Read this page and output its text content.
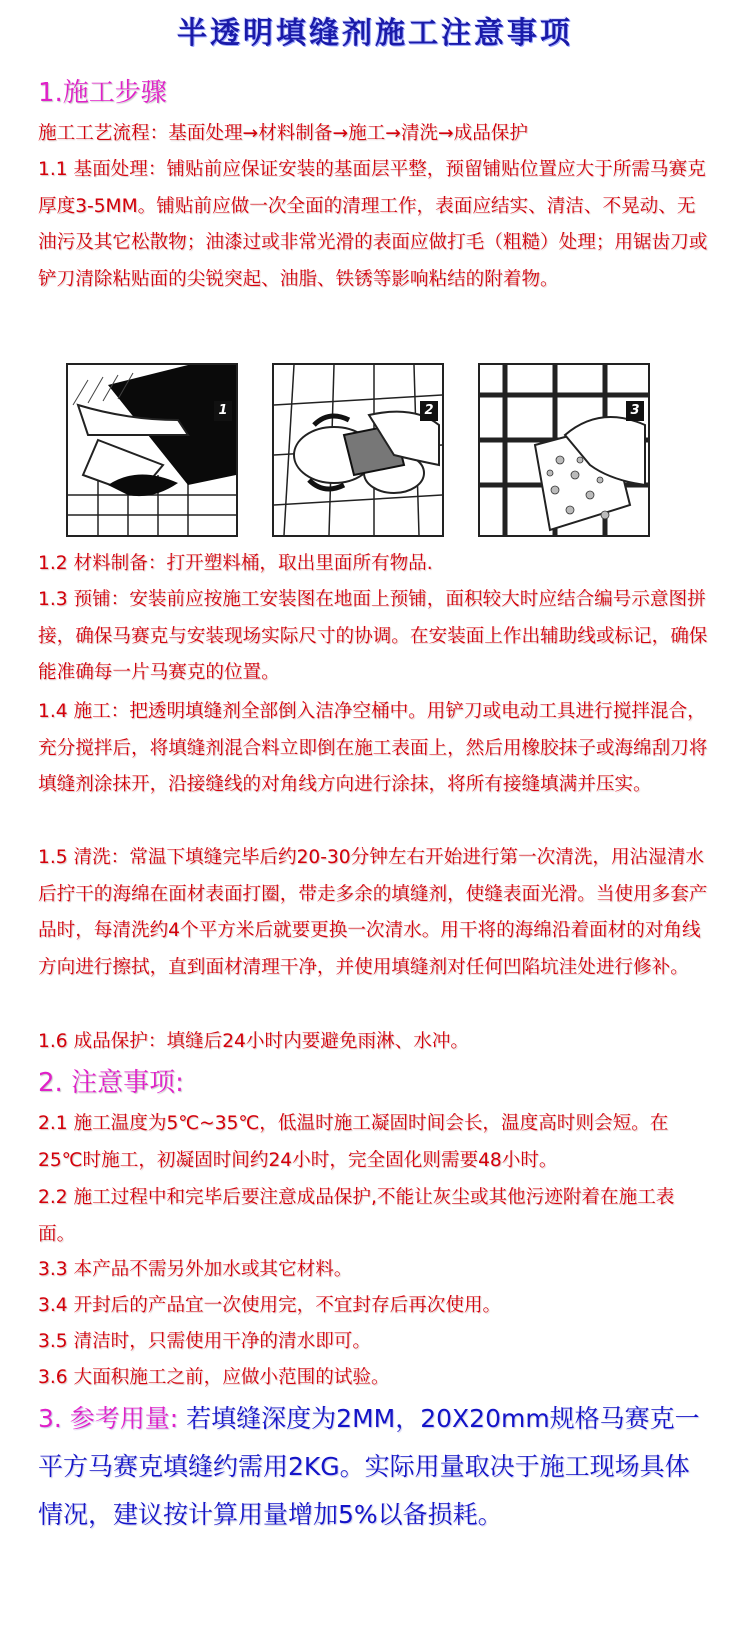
半透明填缝剂施工注意事项
1.施工步骤
施工工艺流程：基面处理→材料制备→施工→清洗→成品保护
1.1 基面处理：铺贴前应保证安装的基面层平整，预留铺贴位置应大于所需马赛克厚度3-5MM。铺贴前应做一次全面的清理工作，表面应结实、清洁、不晃动、无油污及其它松散物；油漆过或非常光滑的表面应做打毛（粗糙）处理；用锯齿刀或铲刀清除粘贴面的尖锐突起、油脂、铁锈等影响粘结的附着物。
1	2	3
1.2 材料制备：打开塑料桶，取出里面所有物品.
1.3 预铺：安装前应按施工安装图在地面上预铺，面积较大时应结合编号示意图拼接，确保马赛克与安装现场实际尺寸的协调。在安装面上作出辅助线或标记，确保能准确每一片马赛克的位置。
1.4 施工：把透明填缝剂全部倒入洁净空桶中。用铲刀或电动工具进行搅拌混合，充分搅拌后，将填缝剂混合料立即倒在施工表面上，然后用橡胶抹子或海绵刮刀将填缝剂涂抹开，沿接缝线的对角线方向进行涂抹，将所有接缝填满并压实。
1.5 清洗：常温下填缝完毕后约20-30分钟左右开始进行第一次清洗，用沾湿清水后拧干的海绵在面材表面打圈，带走多余的填缝剂，使缝表面光滑。当使用多套产品时，每清洗约4个平方米后就要更换一次清水。用干将的海绵沿着面材的对角线方向进行擦拭，直到面材清理干净，并使用填缝剂对任何凹陷坑洼处进行修补。
1.6 成品保护：填缝后24小时内要避免雨淋、水冲。
2. 注意事项:
2.1 施工温度为5℃~35℃，低温时施工凝固时间会长，温度高时则会短。在25℃时施工，初凝固时间约24小时，完全固化则需要48小时。
2.2 施工过程中和完毕后要注意成品保护,不能让灰尘或其他污迹附着在施工表面。
3.3 本产品不需另外加水或其它材料。
3.4 开封后的产品宜一次使用完，不宜封存后再次使用。
3.5 清洁时，只需使用干净的清水即可。
3.6 大面积施工之前，应做小范围的试验。
3. 参考用量: 若填缝深度为2MM，20X20mm规格马赛克一平方马赛克填缝约需用2KG。实际用量取决于施工现场具体情况，建议按计算用量增加5%以备损耗。
